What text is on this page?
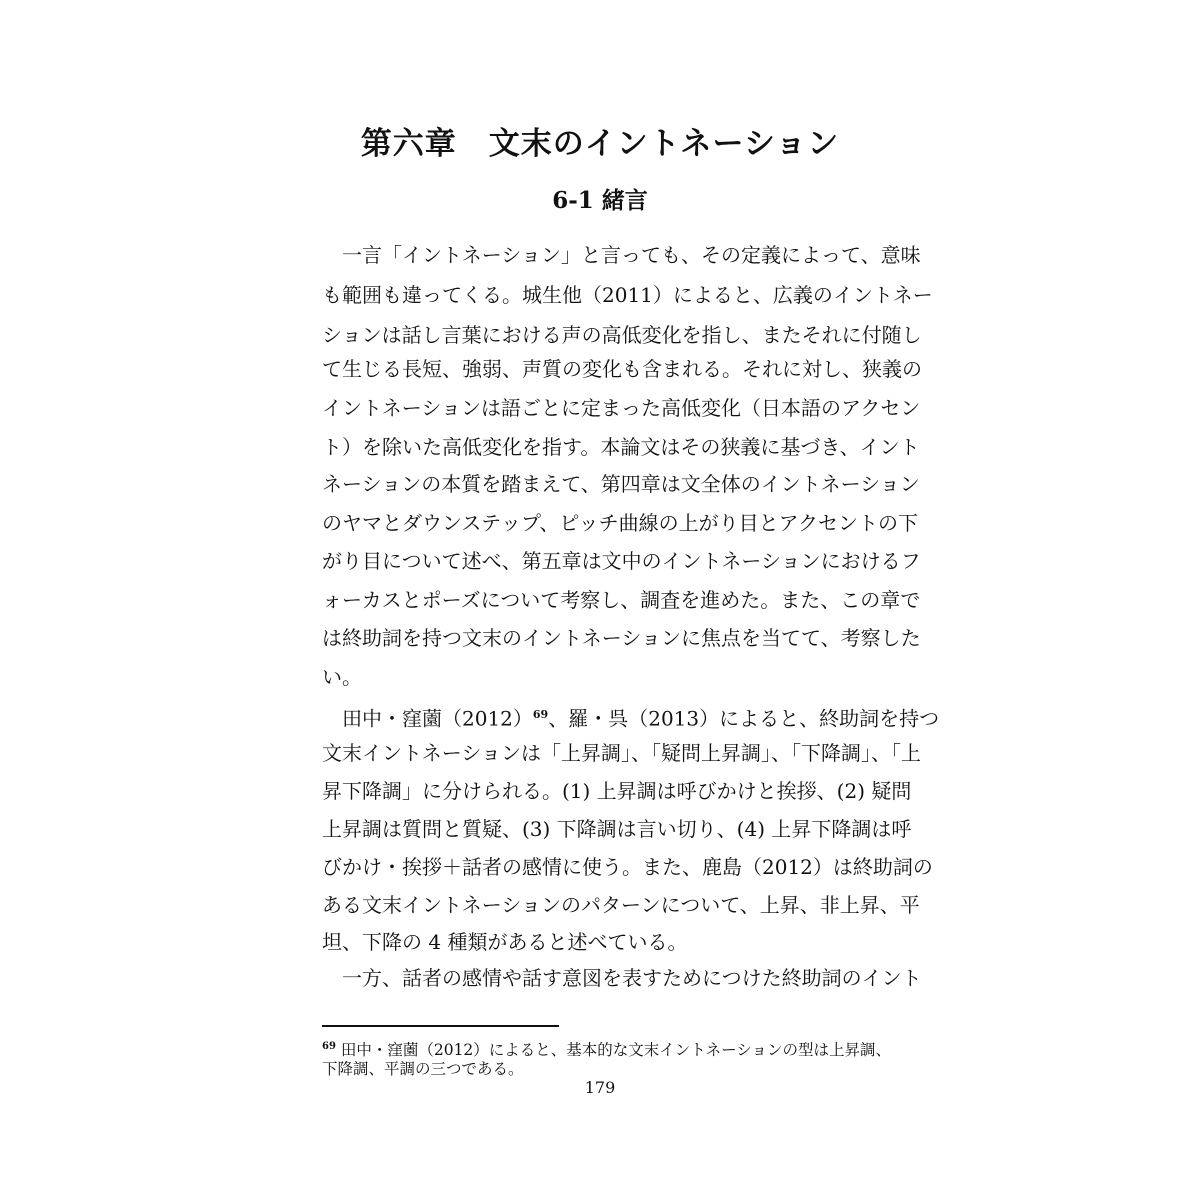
第六章　文末のイントネーション
6-1 緒言

　一言「イントネーション」と言っても、その定義によって、意味

も範囲も違ってくる。城生他（2011）によると、広義のイントネー

ションは話し言葉における声の高低変化を指し、またそれに付随し

て生じる長短、強弱、声質の変化も含まれる。それに対し、狭義の

イントネーションは語ごとに定まった高低変化（日本語のアクセン

ト）を除いた高低変化を指す。本論文はその狭義に基づき、イント

ネーションの本質を踏まえて、第四章は文全体のイントネーション

のヤマとダウンステップ、ピッチ曲線の上がり目とアクセントの下

がり目について述べ、第五章は文中のイントネーションにおけるフ

ォーカスとポーズについて考察し、調査を進めた。また、この章で

は終助詞を持つ文末のイントネーションに焦点を当てて、考察した

い。

　田中・窪薗$(2012)^{69}$、羅・呉（2013）によると、終助詞を持つ

文末イントネーションは「上昇調」、「疑問上昇調」、「下降調」、「上

昇下降調」に分けられる。(1) 上昇調は呼びかけと挨拶、(2) 疑問

上昇調は質問と質疑、(3) 下降調は言い切り、(4) 上昇下降調は呼

びかけ・挨拶＋話者の感情に使う。また、鹿島（2012）は終助詞の

ある文末イントネーションのパターンについて、上昇、非上昇、平

坦、下降の 4 種類があると述べている。

　一方、話者の感情や話す意図を表すためにつけた終助詞のイント

$^{69}$ 田中・窪薗（2012）によると、基本的な文末イントネーションの型は上昇調、

下降調、平調の三つである。

179
